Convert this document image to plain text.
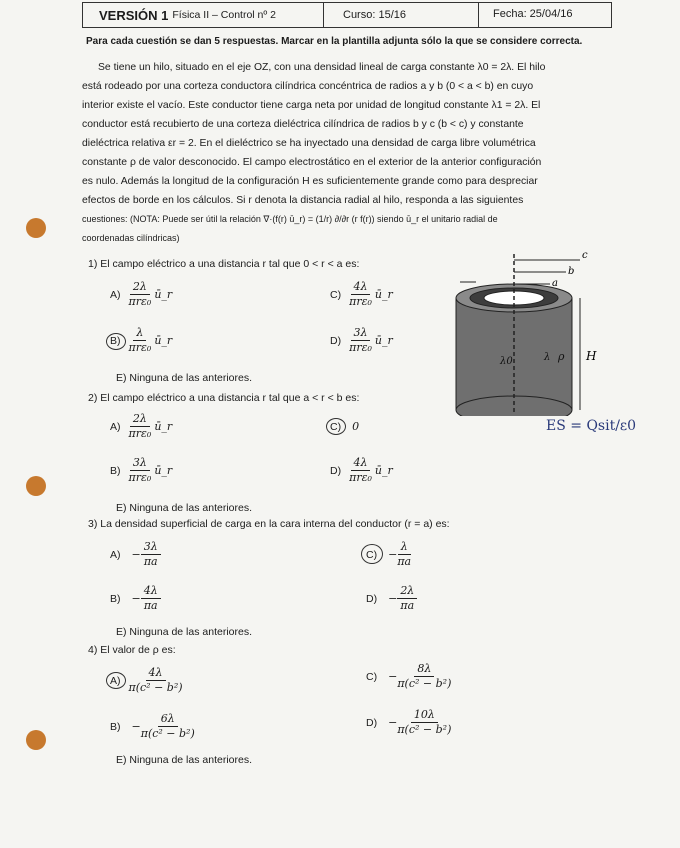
VERSIÓN 1 Física II – Control nº 2	Curso: 15/16	Fecha: 25/04/16
Para cada cuestión se dan 5 respuestas. Marcar en la plantilla adjunta sólo la que se considere correcta.
Se tiene un hilo, situado en el eje OZ, con una densidad lineal de carga constante λ0 = 2λ. El hilo
está rodeado por una corteza conductora cilíndrica concéntrica de radios a y b (0 < a < b) en cuyo
interior existe el vacío. Este conductor tiene carga neta por unidad de longitud constante λ1 = 2λ. El
conductor está recubierto de una corteza dieléctrica cilíndrica de radios b y c (b < c) y constante
dieléctrica relativa εr = 2. En el dieléctrico se ha inyectado una densidad de carga libre volumétrica
constante ρ de valor desconocido. El campo electrostático en el exterior de la anterior configuración
es nulo. Además la longitud de la configuración H es suficientemente grande como para despreciar
efectos de borde en los cálculos. Si r denota la distancia radial al hilo, responda a las siguientes
cuestiones: (NOTA: Puede ser útil la relación ∇·(f(r) ū_r) = (1/r) ∂/∂r (r f(r)) siendo ū_r el unitario radial de
coordenadas cilíndricas)
1) El campo eléctrico a una distancia r tal que 0 < r < a es:
$A) \frac{2\lambda}{\text{πrε₀}}$ ū_r	$C) \frac{4\lambda}{\text{πrε₀}}$ ū_r
$B) \frac{\lambda}{\text{πrε₀}}$ ū_r	$D) \frac{3\lambda}{\text{πrε₀}}$ ū_r
E) Ninguna de las anteriores.
2) El campo eléctrico a una distancia r tal que a < r < b es:
$A) \frac{2\lambda}{\text{πrε₀}}$ ū_r	C) 0
$B) \frac{3\lambda}{\text{πrε₀}}$ ū_r	$D) \frac{4\lambda}{\text{πrε₀}}$ ū_r
E) Ninguna de las anteriores.
3) La densidad superficial de carga en la cara interna del conductor (r = a) es:
$A) - \frac{3\lambda}{\pi a}$	$C) - \frac{\lambda}{\pi a}$
$B) - \frac{4\lambda}{\pi a}$	$D) - \frac{2\lambda}{\pi a}$
E) Ninguna de las anteriores.
4) El valor de ρ es:
$A) \frac{4\lambda}{\text{π(c² − b²)}}$	$C) - \frac{8\lambda}{\text{π(c² − b²)}}$
$B) - \frac{6\lambda}{\text{π(c² − b²)}}$	$D) - \frac{10\lambda}{\text{π(c² − b²)}}$
E) Ninguna de las anteriores.
c
b
a
λ0	λ ρ H
ES = Qsit/ε0
